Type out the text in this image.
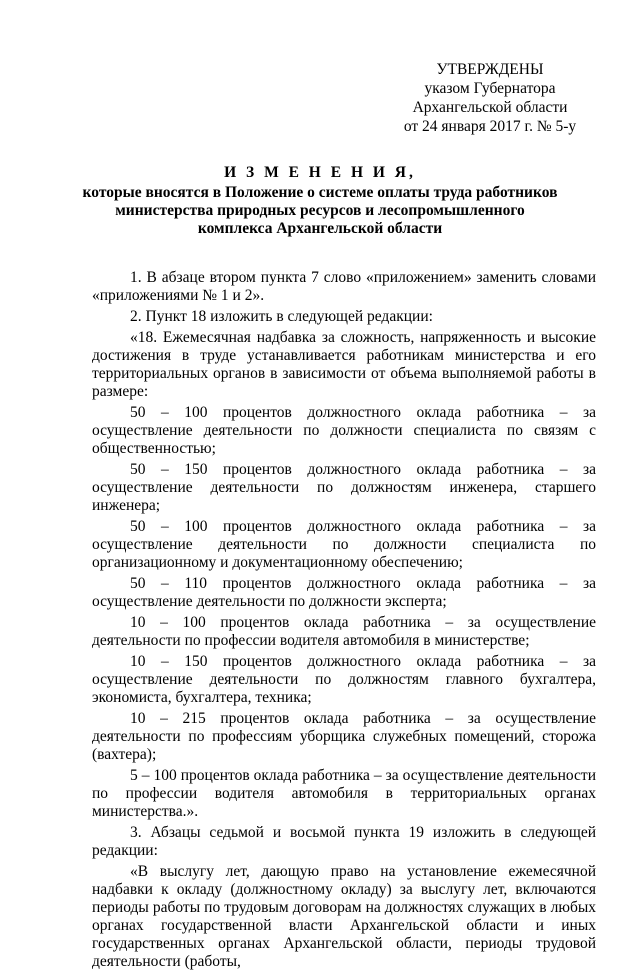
УТВЕРЖДЕНЫ
указом Губернатора
Архангельской области
от 24 января 2017 г. № 5-у
И З М Е Н Е Н И Я,
которые вносятся в Положение о системе оплаты труда работников
министерства природных ресурсов и лесопромышленного
комплекса Архангельской области

1. В абзаце втором пункта 7 слово «приложением» заменить словами «приложениями № 1 и 2».

2. Пункт 18 изложить в следующей редакции:

«18. Ежемесячная надбавка за сложность, напряженность и высокие достижения в труде устанавливается работникам министерства и его территориальных органов в зависимости от объема выполняемой работы в размере:

50 – 100 процентов должностного оклада работника – за осуществление деятельности по должности специалиста по связям с общественностью;

50 – 150 процентов должностного оклада работника – за осуществление деятельности по должностям инженера, старшего инженера;

50 – 100 процентов должностного оклада работника – за осуществление деятельности по должности специалиста по организационному и документационному обеспечению;

50 – 110 процентов должностного оклада работника – за осуществление деятельности по должности эксперта;

10 – 100 процентов оклада работника – за осуществление деятельности по профессии водителя автомобиля в министерстве;

10 – 150 процентов должностного оклада работника – за осуществление деятельности по должностям главного бухгалтера, экономиста, бухгалтера, техника;

10 – 215 процентов оклада работника – за осуществление деятельности по профессиям уборщика служебных помещений, сторожа (вахтера);

5 – 100 процентов оклада работника – за осуществление деятельности по профессии водителя автомобиля в территориальных органах министерства.».

3. Абзацы седьмой и восьмой пункта 19 изложить в следующей редакции:

«В выслугу лет, дающую право на установление ежемесячной надбавки к окладу (должностному окладу) за выслугу лет, включаются периоды работы по трудовым договорам на должностях служащих в любых органах государственной власти Архангельской области и иных государственных органах Архангельской области, периоды трудовой деятельности (работы,
